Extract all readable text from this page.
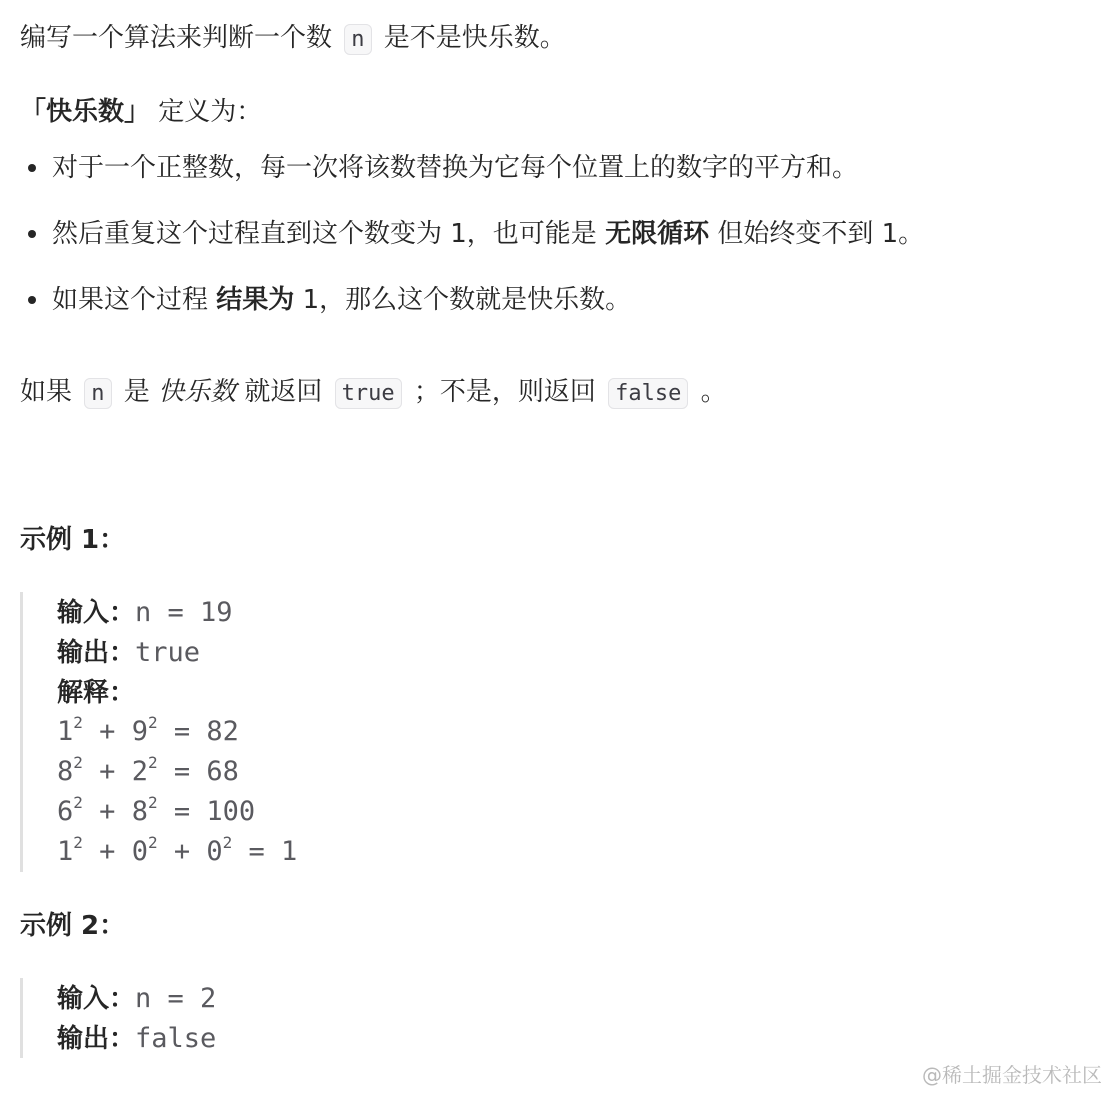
编写一个算法来判断一个数 n 是不是快乐数。
「快乐数」 定义为：
对于一个正整数，每一次将该数替换为它每个位置上的数字的平方和。
然后重复这个过程直到这个数变为 1，也可能是 无限循环 但始终变不到 1。
如果这个过程 结果为 1，那么这个数就是快乐数。
如果 n 是 快乐数 就返回 true ；不是，则返回 false 。
示例 1：
输入：n = 19
输出：true
解释：
$1^2 + 9^2 = 82$
$8^2 + 2^2 = 68$
$6^2 + 8^2 = 100$
$1^2 + 0^2 + 0^2 = 1$
示例 2：
输入：n = 2
输出：false
@稀土掘金技术社区
